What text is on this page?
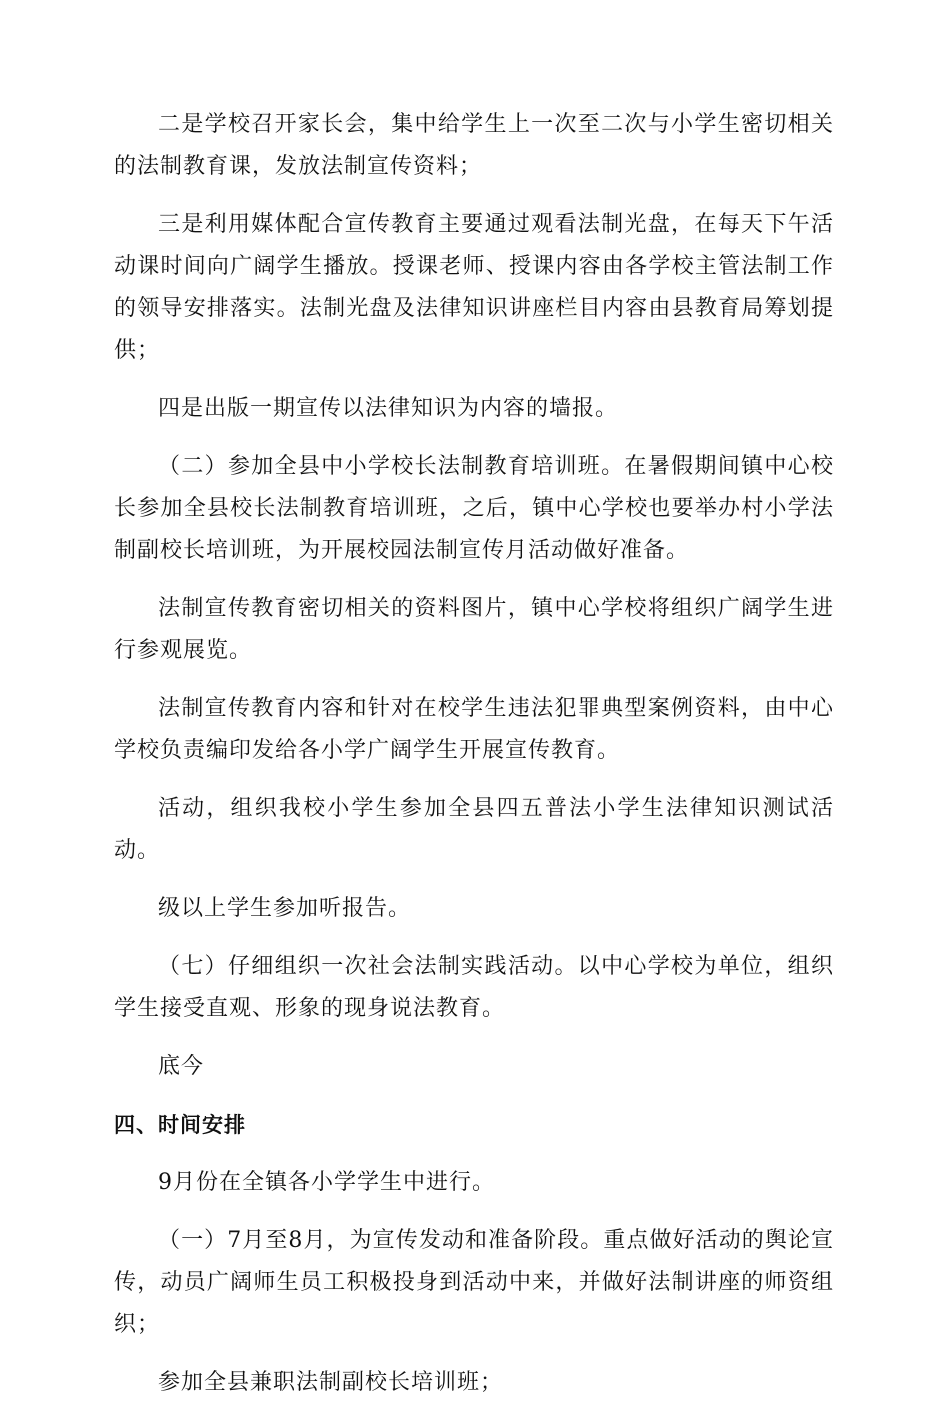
二是学校召开家长会，集中给学生上一次至二次与小学生密切相关的法制教育课，发放法制宣传资料；

三是利用媒体配合宣传教育主要通过观看法制光盘，在每天下午活动课时间向广阔学生播放。授课老师、授课内容由各学校主管法制工作的领导安排落实。法制光盘及法律知识讲座栏目内容由县教育局筹划提供；

四是出版一期宣传以法律知识为内容的墙报。

（二）参加全县中小学校长法制教育培训班。在暑假期间镇中心校长参加全县校长法制教育培训班，之后，镇中心学校也要举办村小学法制副校长培训班，为开展校园法制宣传月活动做好准备。

法制宣传教育密切相关的资料图片，镇中心学校将组织广阔学生进行参观展览。

法制宣传教育内容和针对在校学生违法犯罪典型案例资料，由中心学校负责编印发给各小学广阔学生开展宣传教育。

活动，组织我校小学生参加全县四五普法小学生法律知识测试活动。

级以上学生参加听报告。

（七）仔细组织一次社会法制实践活动。以中心学校为单位，组织学生接受直观、形象的现身说法教育。

底今

四、时间安排

9月份在全镇各小学学生中进行。

（一）7月至8月，为宣传发动和准备阶段。重点做好活动的舆论宣传，动员广阔师生员工积极投身到活动中来，并做好法制讲座的师资组织；

参加全县兼职法制副校长培训班；
